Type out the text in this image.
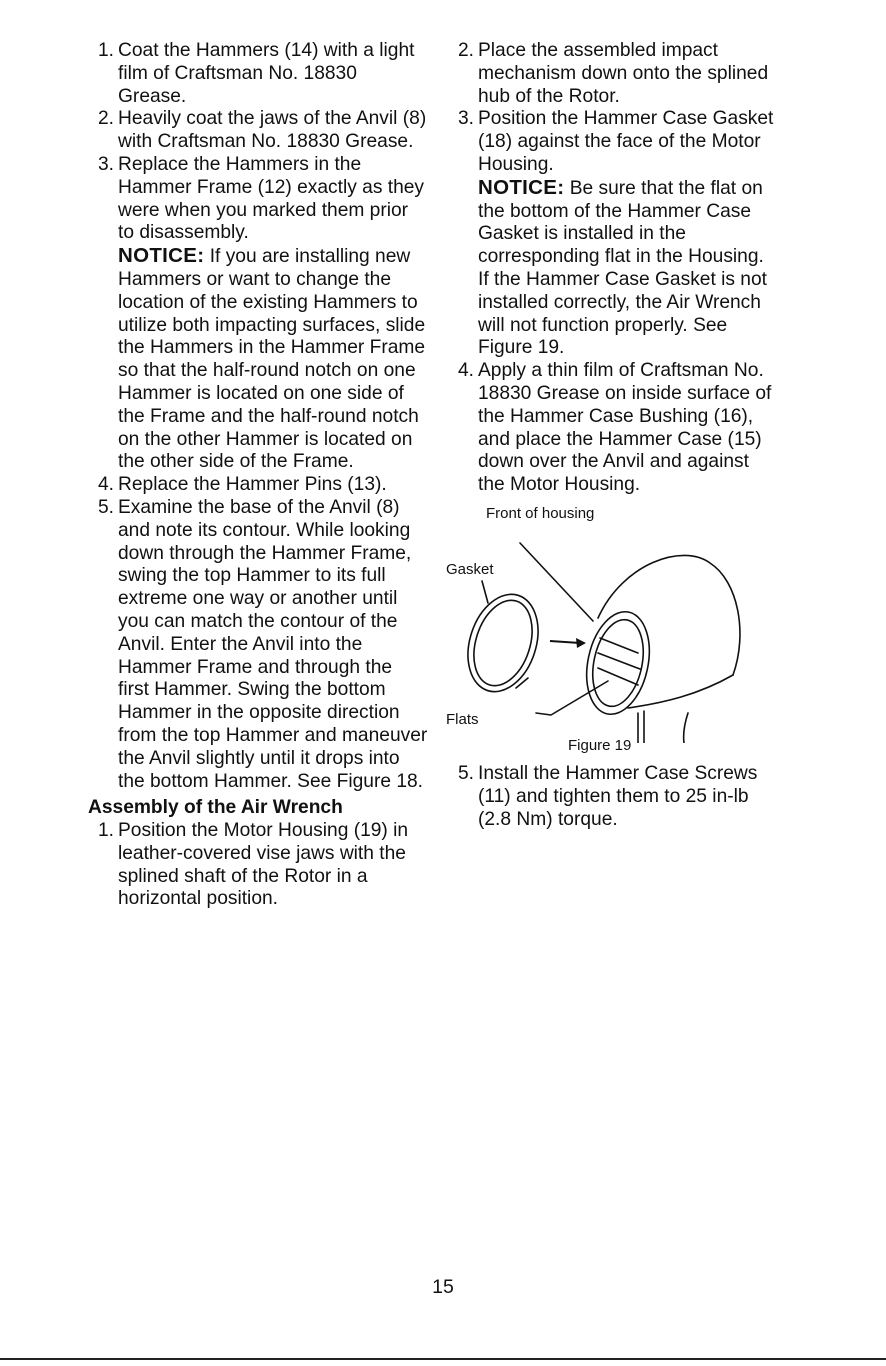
1. Coat the Hammers (14) with a light film of Craftsman No. 18830 Grease.

2. Heavily coat the jaws of the Anvil (8) with Craftsman No. 18830 Grease.

3. Replace the Hammers in the Hammer Frame (12) exactly as they were when you marked them prior to disassembly.

NOTICE: If you are installing new Hammers or want to change the location of the existing Hammers to utilize both impacting surfaces, slide the Hammers in the Hammer Frame so that the half-round notch on one Hammer is located on one side of the Frame and the half-round notch on the other Hammer is located on the other side of the Frame.

4. Replace the Hammer Pins (13).

5. Examine the base of the Anvil (8) and note its contour. While looking down through the Hammer Frame, swing the top Hammer to its full extreme one way or another until you can match the contour of the Anvil. Enter the Anvil into the Hammer Frame and through the first Hammer. Swing the bottom Hammer in the opposite direction from the top Hammer and maneuver the Anvil slightly until it drops into the bottom Hammer. See Figure 18.

Assembly of the Air Wrench

1. Position the Motor Housing (19) in leather-covered vise jaws with the splined shaft of the Rotor in a horizontal position.

2. Place the assembled impact mechanism down onto the splined hub of the Rotor.

3. Position the Hammer Case Gasket (18) against the face of the Motor Housing.

NOTICE: Be sure that the flat on the bottom of the Hammer Case Gasket is installed in the corresponding flat in the Housing. If the Hammer Case Gasket is not installed correctly, the Air Wrench will not function properly. See Figure 19.

4. Apply a thin film of Craftsman No. 18830 Grease on inside surface of the Hammer Case Bushing (16), and place the Hammer Case (15) down over the Anvil and against the Motor Housing.

Front of housing
Gasket
Flats
Figure 19
5. Install the Hammer Case Screws (11) and tighten them to 25 in-lb (2.8 Nm) torque.

15
